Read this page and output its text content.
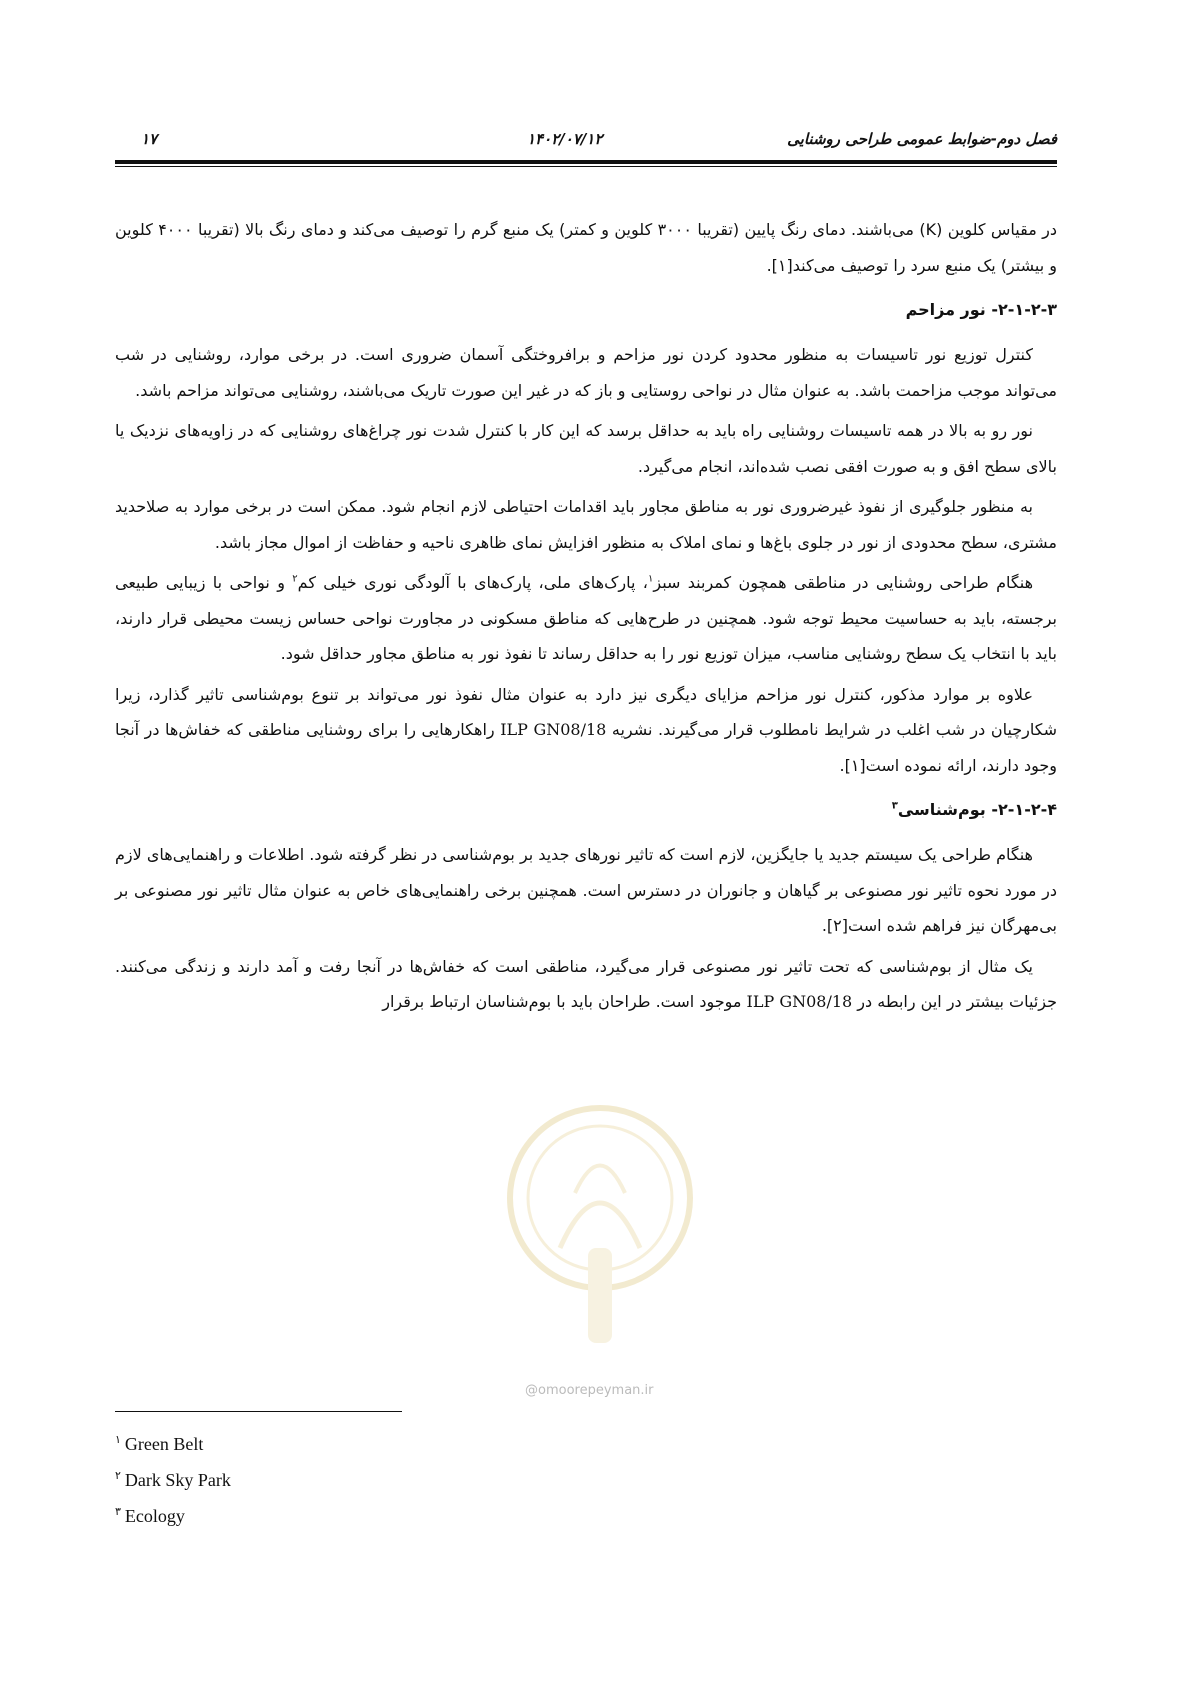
فصل دوم-ضوابط عمومی طراحی روشنایی
۱۴۰۲/۰۷/۱۲
۱۷
@omoorepeyman.ir

در مقیاس کلوین (K) می‌باشند. دمای رنگ پایین (تقریبا ۳۰۰۰ کلوین و کمتر) یک منبع گرم را توصیف می‌کند و دمای رنگ بالا (تقریبا ۴۰۰۰ کلوین و بیشتر) یک منبع سرد را توصیف می‌کند[۱].

۲-۱-۲-۳- نور مزاحم

کنترل توزیع نور تاسیسات به منظور محدود کردن نور مزاحم و برافروختگی آسمان ضروری است. در برخی موارد، روشنایی در شب می‌تواند موجب مزاحمت باشد. به عنوان مثال در نواحی روستایی و باز که در غیر این صورت تاریک می‌باشند، روشنایی می‌تواند مزاحم باشد.

نور رو به بالا در همه تاسیسات روشنایی راه باید به حداقل برسد که این کار با کنترل شدت نور چراغ‌های روشنایی که در زاویه‌های نزدیک یا بالای سطح افق و به صورت افقی نصب شده‌اند، انجام می‌گیرد.

به منظور جلوگیری از نفوذ غیرضروری نور به مناطق مجاور باید اقدامات احتیاطی لازم انجام شود. ممکن است در برخی موارد به صلاحدید مشتری، سطح محدودی از نور در جلوی باغ‌ها و نمای املاک به منظور افزایش نمای ظاهری ناحیه و حفاظت از اموال مجاز باشد.

هنگام طراحی روشنایی در مناطقی همچون کمربند سبز$^۱$، پارک‌های ملی، پارک‌های با آلودگی نوری خیلی کم$^۲$ و نواحی با زیبایی طبیعی برجسته، باید به حساسیت محیط توجه شود. همچنین در طرح‌هایی که مناطق مسکونی در مجاورت نواحی حساس زیست محیطی قرار دارند، باید با انتخاب یک سطح روشنایی مناسب، میزان توزیع نور را به حداقل رساند تا نفوذ نور به مناطق مجاور حداقل شود.

علاوه بر موارد مذکور، کنترل نور مزاحم مزایای دیگری نیز دارد به عنوان مثال نفوذ نور می‌تواند بر تنوع بوم‌شناسی تاثیر گذارد، زیرا شکارچیان در شب اغلب در شرایط نامطلوب قرار می‌گیرند. نشریه ILP GN08/18 راهکارهایی را برای روشنایی مناطقی که خفاش‌ها در آنجا وجود دارند، ارائه نموده است[۱].

۲-۱-۲-۴- بوم‌شناسی$^۳$

هنگام طراحی یک سیستم جدید یا جایگزین، لازم است که تاثیر نورهای جدید بر بوم‌شناسی در نظر گرفته شود. اطلاعات و راهنمایی‌های لازم در مورد نحوه تاثیر نور مصنوعی بر گیاهان و جانوران در دسترس است. همچنین برخی راهنمایی‌های خاص به عنوان مثال تاثیر نور مصنوعی بر بی‌مهرگان نیز فراهم شده است[۲].

یک مثال از بوم‌شناسی که تحت تاثیر نور مصنوعی قرار می‌گیرد، مناطقی است که خفاش‌ها در آنجا رفت و آمد دارند و زندگی می‌کنند. جزئیات بیشتر در این رابطه در ILP GN08/18 موجود است. طراحان باید با بوم‌شناسان ارتباط برقرار

$^۱$ Green Belt
$^۲$ Dark Sky Park
$^۳$ Ecology
